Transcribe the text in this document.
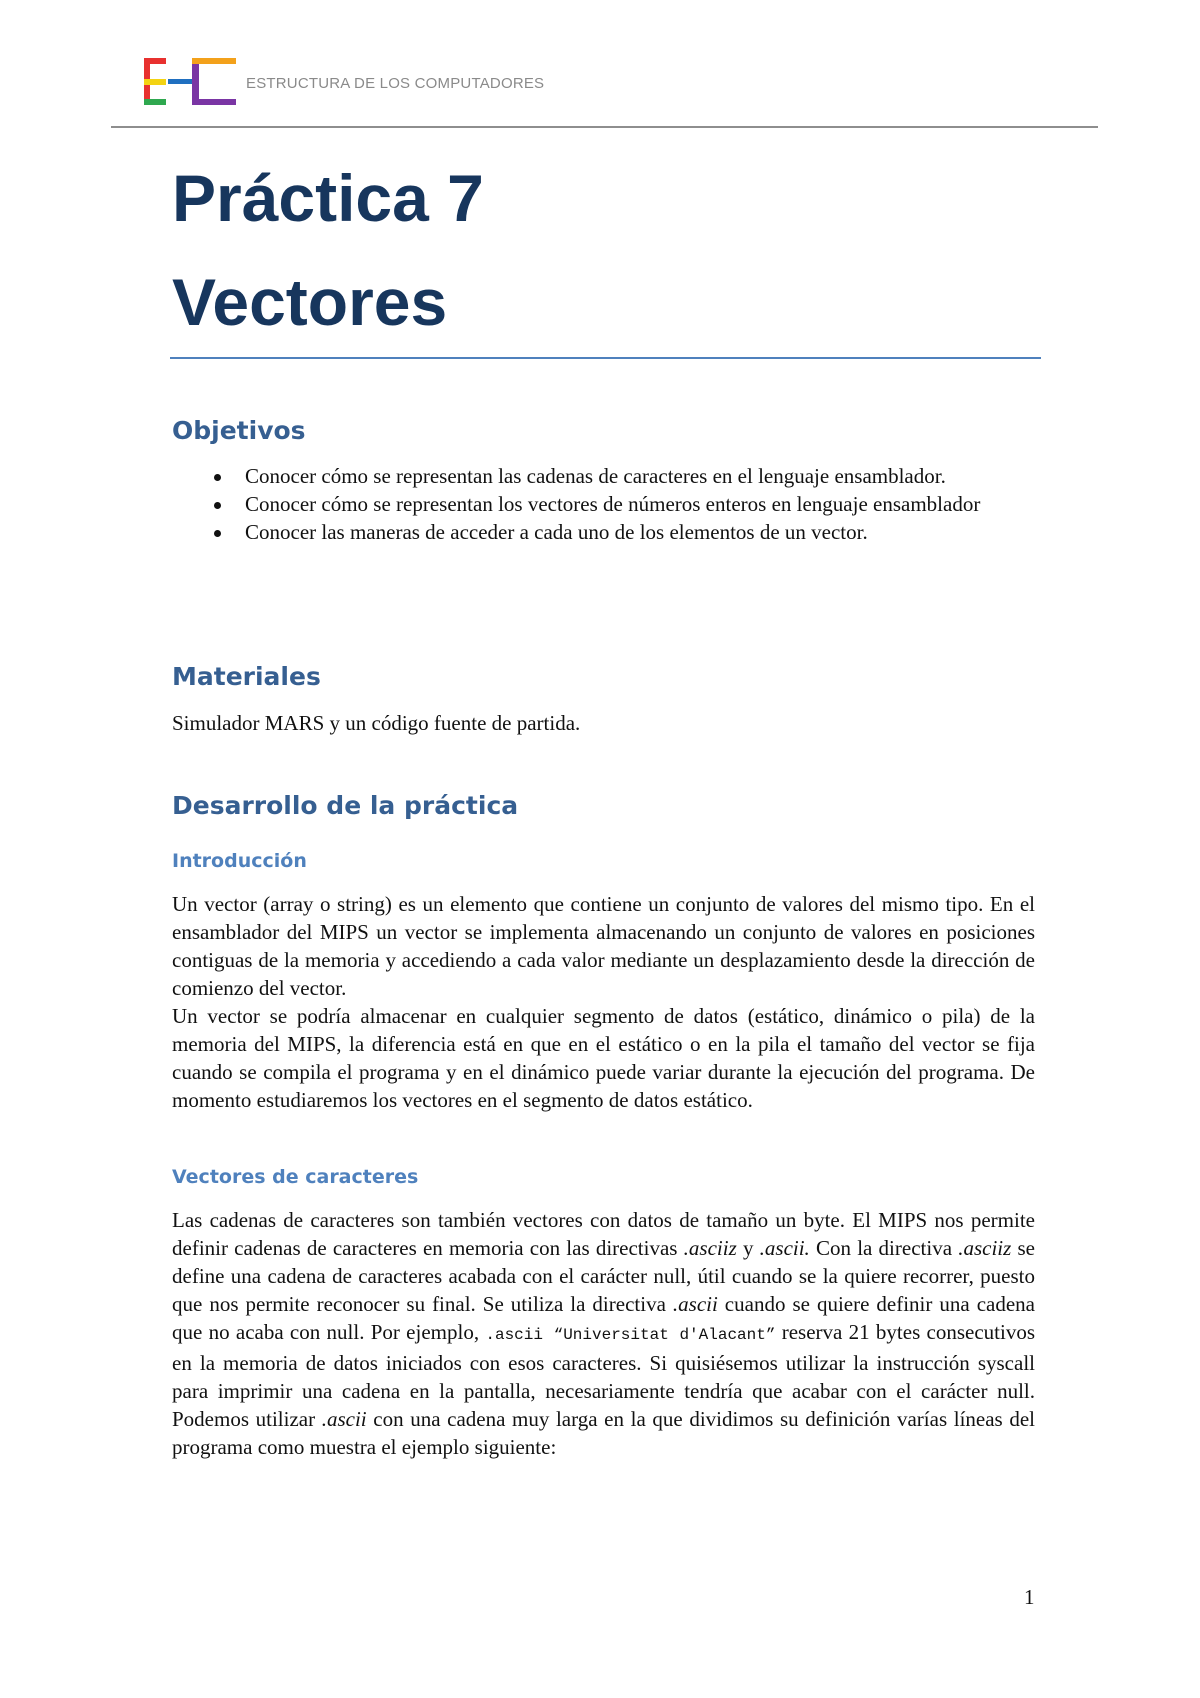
ESTRUCTURA DE LOS COMPUTADORES
Práctica 7
Vectores
Objetivos
Conocer cómo se representan las cadenas de caracteres en el lenguaje ensamblador.
Conocer cómo se representan los vectores de números enteros en lenguaje ensamblador
Conocer las maneras de acceder a cada uno de los elementos de un vector.
Materiales

Simulador MARS y un código fuente de partida.

Desarrollo de la práctica
Introducción

Un vector (array o string) es un elemento que contiene un conjunto de valores del mismo tipo. En el ensamblador del MIPS un vector se implementa almacenando un conjunto de valores en posiciones contiguas de la memoria y accediendo a cada valor mediante un desplazamiento desde la dirección de comienzo del vector.

Un vector se podría almacenar en cualquier segmento de datos (estático, dinámico o pila) de la memoria del MIPS, la diferencia está en que en el estático o en la pila el tamaño del vector se fija cuando se compila el programa y en el dinámico puede variar durante la ejecución del programa. De momento estudiaremos los vectores en el segmento de datos estático.

Vectores de caracteres

Las cadenas de caracteres son también vectores con datos de tamaño un byte. El MIPS nos permite definir cadenas de caracteres en memoria con las directivas .asciiz y .ascii. Con la directiva .asciiz se define una cadena de caracteres acabada con el carácter null, útil cuando se la quiere recorrer, puesto que nos permite reconocer su final. Se utiliza la directiva .ascii cuando se quiere definir una cadena que no acaba con null. Por ejemplo, .ascii “Universitat d'Alacant” reserva 21 bytes consecutivos en la memoria de datos iniciados con esos caracteres. Si quisiésemos utilizar la instrucción syscall para imprimir una cadena en la pantalla, necesariamente tendría que acabar con el carácter null. Podemos utilizar .ascii con una cadena muy larga en la que dividimos su definición varías líneas del programa como muestra el ejemplo siguiente:

1
